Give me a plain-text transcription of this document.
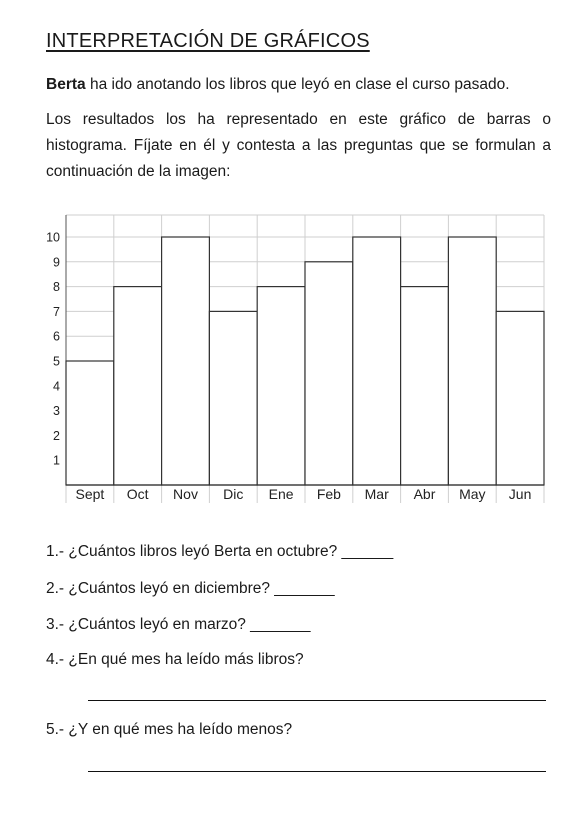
INTERPRETACIÓN DE GRÁFICOS

Berta ha ido anotando los libros que leyó en clase el curso pasado.

Los resultados los ha representado en este gráfico de barras o histograma. Fíjate en él y contesta a las preguntas que se formulan a continuación de la imagen:

1
2
3
4
5
6
7
8
9
10
Sept Oct Nov Dic Ene Feb Mar Abr May Jun
1.- ¿Cuántos libros leyó Berta en octubre? ______
2.- ¿Cuántos leyó en diciembre? _______
3.- ¿Cuántos leyó en marzo? _______
4.- ¿En qué mes ha leído más libros?
5.- ¿Y en qué mes ha leído menos?
